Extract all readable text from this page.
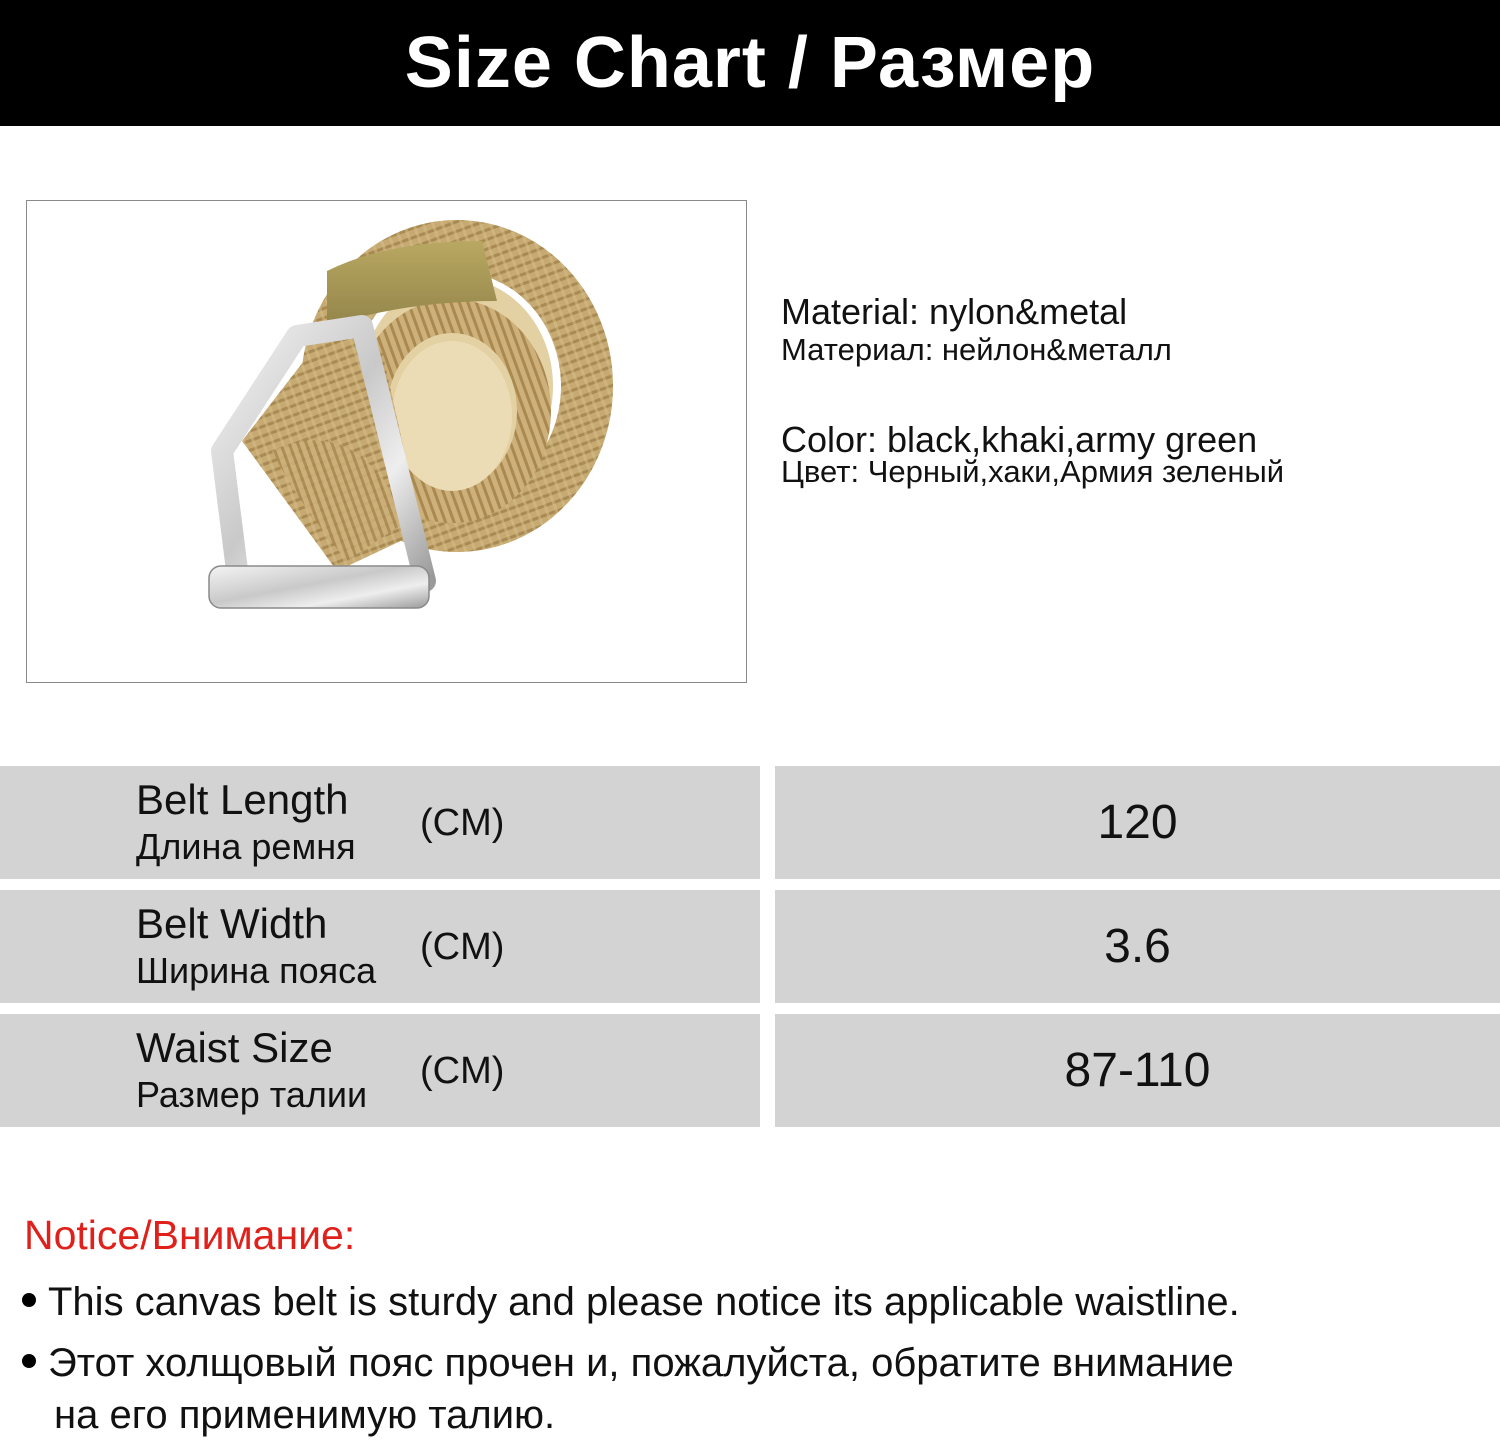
Size Chart / Размер
Material: nylon&metal
Материал: нейлон&металл
Color: black,khaki,army green
Цвет: Черный,хаки,Армия зеленый
Belt Length
Длина ремня
(CM)	120
Belt Width
Ширина пояса
(CM)	3.6
Waist Size
Размер талии
(CM)	87-110
Notice/Внимание:
This canvas belt is sturdy and please notice its applicable waistline.
Этот холщовый пояс прочен и, пожалуйста, обратите внимание
на его применимую талию.
